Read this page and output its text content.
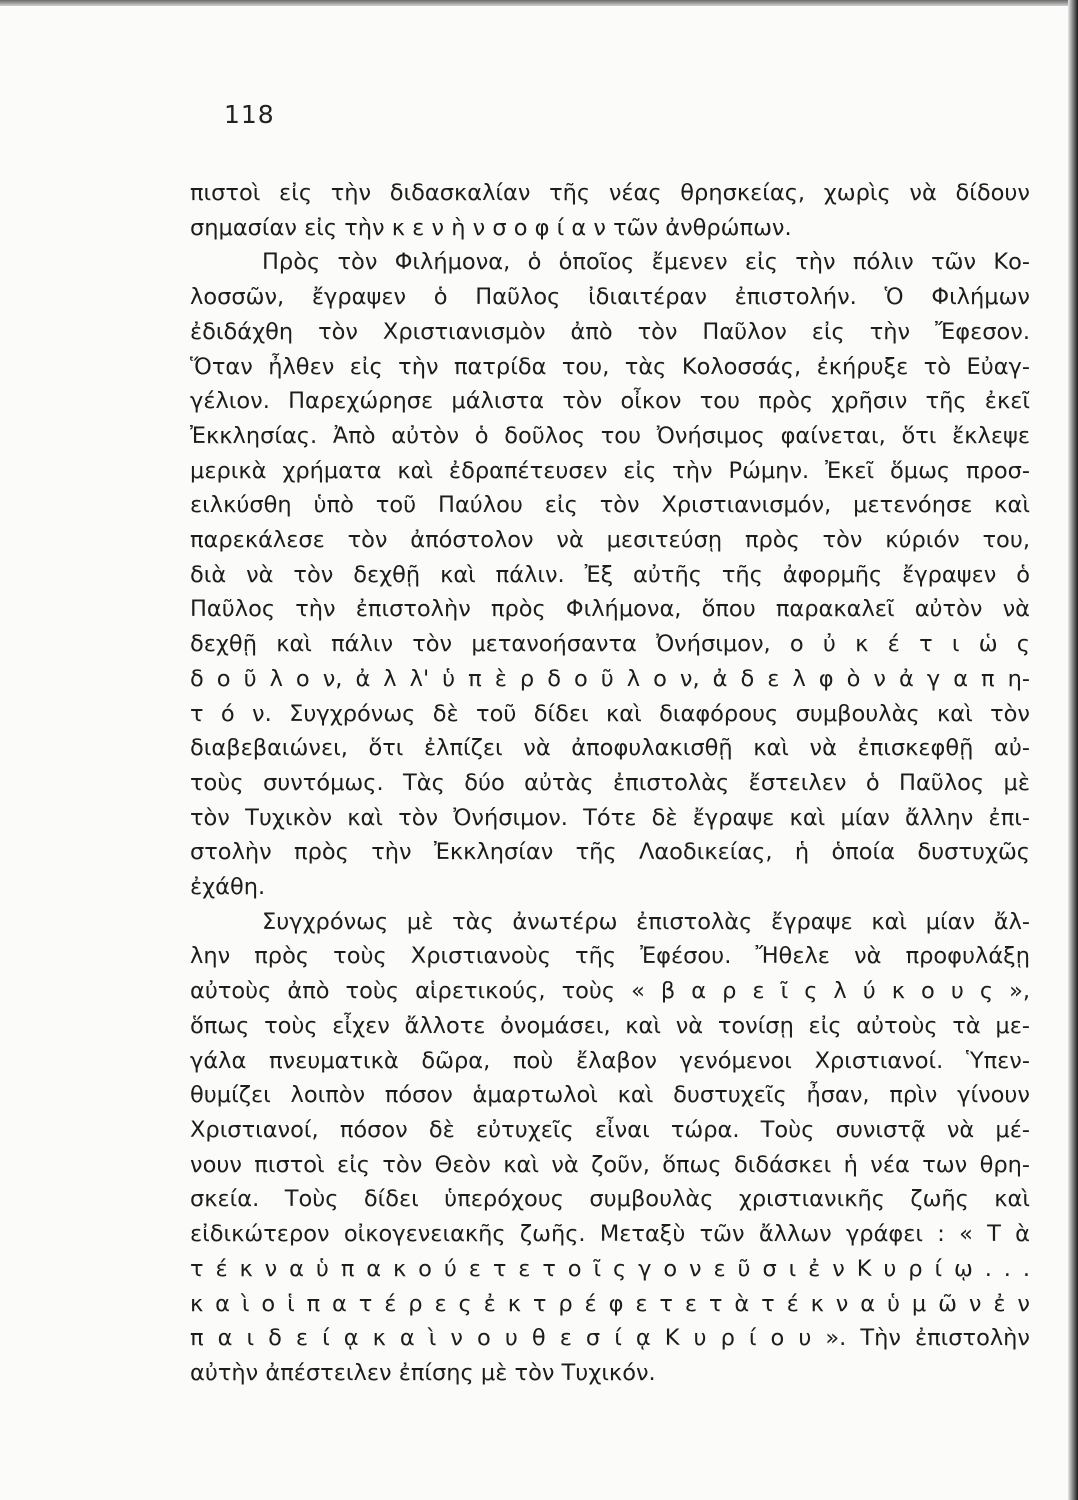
118
πιστοὶ εἰς τὴν διδασκαλίαν τῆς νέας θρησκείας, χωρὶς νὰ δίδουν
σημασίαν εἰς τὴν κ ε ν ὴ ν σ ο φ ί α ν τῶν ἀνθρώπων.
Πρὸς τὸν Φιλήμονα, ὁ ὁποῖος ἔμενεν εἰς τὴν πόλιν τῶν Κο-
λοσσῶν, ἔγραψεν ὁ Παῦλος ἰδιαιτέραν ἐπιστολήν. Ὁ Φιλήμων
ἐδιδάχθη τὸν Χριστιανισμὸν ἀπὸ τὸν Παῦλον εἰς τὴν Ἔφεσον.
Ὅταν ἦλθεν εἰς τὴν πατρίδα του, τὰς Κολοσσάς, ἐκήρυξε τὸ Εὐαγ-
γέλιον. Παρεχώρησε μάλιστα τὸν οἶκον του πρὸς χρῆσιν τῆς ἐκεῖ
Ἐκκλησίας. Ἀπὸ αὐτὸν ὁ δοῦλος του Ὀνήσιμος φαίνεται, ὅτι ἔκλεψε
μερικὰ χρήματα καὶ ἐδραπέτευσεν εἰς τὴν Ρώμην. Ἐκεῖ ὅμως προσ-
ειλκύσθη ὑπὸ τοῦ Παύλου εἰς τὸν Χριστιανισμόν, μετενόησε καὶ
παρεκάλεσε τὸν ἀπόστολον νὰ μεσιτεύσῃ πρὸς τὸν κύριόν του,
διὰ νὰ τὸν δεχθῇ καὶ πάλιν. Ἐξ αὐτῆς τῆς ἀφορμῆς ἔγραψεν ὁ
Παῦλος τὴν ἐπιστολὴν πρὸς Φιλήμονα, ὅπου παρακαλεῖ αὐτὸν νὰ
δεχθῇ καὶ πάλιν τὸν μετανοήσαντα Ὀνήσιμον, ο ὐ κ έ τ ι ὡ ς
δ ο ῦ λ ο ν, ἀ λ λ' ὑ π ὲ ρ δ ο ῦ λ ο ν, ἀ δ ε λ φ ὸ ν ἀ γ α π η-
τ ό ν. Συγχρόνως δὲ τοῦ δίδει καὶ διαφόρους συμβουλὰς καὶ τὸν
διαβεβαιώνει, ὅτι ἐλπίζει νὰ ἀποφυλακισθῇ καὶ νὰ ἐπισκεφθῇ αὐ-
τοὺς συντόμως. Τὰς δύο αὐτὰς ἐπιστολὰς ἔστειλεν ὁ Παῦλος μὲ
τὸν Τυχικὸν καὶ τὸν Ὀνήσιμον. Τότε δὲ ἔγραψε καὶ μίαν ἄλλην ἐπι-
στολὴν πρὸς τὴν Ἐκκλησίαν τῆς Λαοδικείας, ἡ ὁποία δυστυχῶς
ἐχάθη.
Συγχρόνως μὲ τὰς ἀνωτέρω ἐπιστολὰς ἔγραψε καὶ μίαν ἄλ-
λην πρὸς τοὺς Χριστιανοὺς τῆς Ἐφέσου. Ἤθελε νὰ προφυλάξῃ
αὐτοὺς ἀπὸ τοὺς αἱρετικούς, τοὺς « β α ρ ε ῖ ς λ ύ κ ο υ ς »,
ὅπως τοὺς εἶχεν ἄλλοτε ὀνομάσει, καὶ νὰ τονίσῃ εἰς αὐτοὺς τὰ με-
γάλα πνευματικὰ δῶρα, ποὺ ἔλαβον γενόμενοι Χριστιανοί. Ὑπεν-
θυμίζει λοιπὸν πόσον ἁμαρτωλοὶ καὶ δυστυχεῖς ἦσαν, πρὶν γίνουν
Χριστιανοί, πόσον δὲ εὐτυχεῖς εἶναι τώρα. Τοὺς συνιστᾷ νὰ μέ-
νουν πιστοὶ εἰς τὸν Θεὸν καὶ νὰ ζοῦν, ὅπως διδάσκει ἡ νέα των θρη-
σκεία. Τοὺς δίδει ὑπερόχους συμβουλὰς χριστιανικῆς ζωῆς καὶ
εἰδικώτερον οἰκογενειακῆς ζωῆς. Μεταξὺ τῶν ἄλλων γράφει : « Τ ὰ
τ έ κ ν α ὑ π α κ ο ύ ε τ ε τ ο ῖ ς γ ο ν ε ῦ σ ι ἐ ν Κ υ ρ ί ῳ . . .
κ α ὶ ο ἱ π α τ έ ρ ε ς ἐ κ τ ρ έ φ ε τ ε τ ὰ τ έ κ ν α ὑ μ ῶ ν ἐ ν
π α ι δ ε ί ᾳ κ α ὶ ν ο υ θ ε σ ί ᾳ Κ υ ρ ί ο υ ». Τὴν ἐπιστολὴν
αὐτὴν ἀπέστειλεν ἐπίσης μὲ τὸν Τυχικόν.
